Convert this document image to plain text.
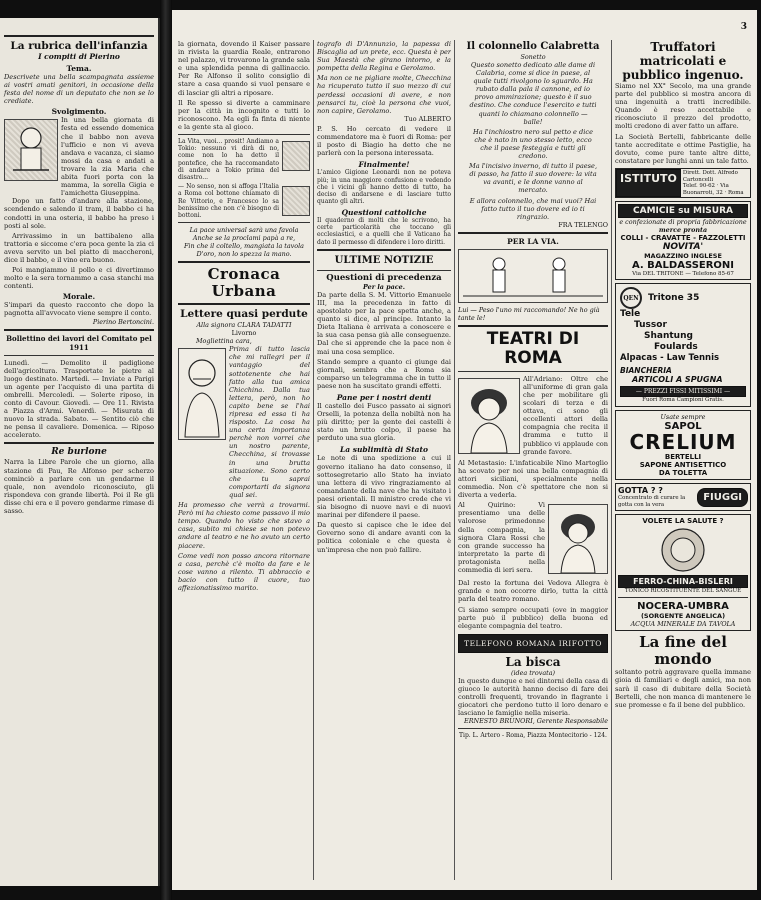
La rubrica dell'infanzia
I compiti di Pierino
Tema.
Descrivete una bella scampagnata assieme ai vostri amati genitori, in occasione della festa del nome di un deputato che non se lo crediate.
Svolgimento.
In una bella giornata di festa ed essendo domenica che il babbo non aveva l'ufficio e non vi aveva andava e vacanza, ci siamo mossi da casa e andati a trovare la zia Maria che abita fuori porta con la mamma, la sorella Gigia e l'amichetta Giuseppina.
Dopo un fatto d'andare alla stazione, scendendo e salendo il tram, il babbo ci ha condotti in una osteria, il babbo ha preso i posti al sole.
Arrivassimo in un battibaleno alla trattoria e siccome c'era poca gente la zia ci aveva servito un bel piatto di maccheroni, dice il babbo, e il vino era buono.
Poi mangiammo il pollo e ci divertimmo molto e la sera tornammo a casa stanchi ma contenti.
Morale.
S'impari da questo racconto che dopo la pagnotta all'avvocato viene sempre il conto.
Pierino Bertoncini.
Bollettino dei lavori del Comitato pel 1911
Lunedì. — Demolito il padiglione dell'agricoltura. Trasportate le pietre al luogo destinato. Martedì. — Inviate a Parigi un agente per l'acquisto di una partita di ombrelli. Mercoledì. — Solerte riposo, in conto di Cavour. Giovedì. — Ore 11. Rivista a Piazza d'Armi. Venerdì. — Misurata di nuovo la strada. Sabato. — Sentito ciò che ne pensa il cavaliere. Domenica. — Riposo accelerato.
Re burlone
Narra la Libre Parole che un giorno, alla stazione di Pau, Re Alfonso per scherzo cominciò a parlare con un gendarme il quale, non avendolo riconosciuto, gli rispondeva con grande libertà. Poi il Re gli disse chi era e il povero gendarme rimase di sasso.
3
la giornata, dovendo il Kaiser passare in rivista la guardia Reale, entrarono nel palazzo, vi trovarono la grande sala e una splendida penna di gallinaccio. Per Re Alfonso il solito consiglio di stare a casa quando si vuol pensare e di lasciar gli altri a riposare.
Il Re spesso si diverte a camminare per la città in incognito e tutti lo riconoscono. Ma egli fa finta di niente e la gente sta al gioco.
La Vita, vuoi... prosit! Andiamo a Tokio: nessuno vi dirà di no, come non lo ha detto il pontefice, che ha raccomandato di andare a Tokio prima del disastro...
— No senso, non si affoga l'Italia a Roma col bottone chiamato di Re Vittorio, e Francesco lo sa benissimo che non c'è bisogno di bottoni.
La pace universal sarà una favola
Anche se la proclami papà a re,
Fin che il coltello, mangiata la tavola
D'oro, non lo spezza la mano.
Cronaca Urbana
Lettere quasi perdute
Alla signora CLARA TADATTI
Livorno
Mogliettina cara,
Prima di tutto lascia che mi rallegri per il vantaggio del sottotenente che hai fatto alla tua amica Chicchina. Dalla tua lettera, però, non ho capito bene se l'hai ripresa ed essa ti ha risposto. La cosa ha una certa importanza perchè non vorrei che un nostro parente, Checchina, si trovasse in una brutta situazione. Sono certo che tu saprai comportarti da signora qual sei.
Ha promesso che verrà a trovarmi. Però mi ha chiesto come passavo il mio tempo. Quando ho visto che stavo a casa, subito mi chiese se non potevo andare al teatro e ne ho avuto un certo piacere.
Come vedi non posso ancora ritornare a casa, perchè c'è molto da fare e le cose vanno a rilento. Ti abbraccio e bacio con tutto il cuore, tuo affezionatissimo marito.
tografo di D'Annunzio, la papessa di Biscaglia ad un prete, ecc. Questa è per Sua Maestà che girano intorno, e la pompetta della Regina e Gerolamo.
Ma non ce ne pigliare molte, Checchina ha ricuperato tutto il suo mezzo di cui perdessi occasioni di avere, e non pensarci tu, cioè la persona che vuoi, non capire, Gerolamo.
Tuo ALBERTO
P. S. Ho cercato di vedere il commendatore ma è fuori di Roma: per il posto di Biagio ha detto che ne parlerà con la persona interessata.
Finalmente!
L'amico Gigione Leonardi non ne poteva più; in una maggiore confusione e vedendo che i vicini gli hanno detto di tutto, ha deciso di andarsene e di lasciare tutto quanto gli altri.
Questioni cattoliche
Il quaderno di molti che le scrivono, ha certe particolarità che toccano gli ecclesiastici, e a quelli che il Vaticano ha dato il permesso di difendere i loro diritti.
ULTIME NOTIZIE
Questioni di precedenza
Per la pace.
Da parte della S. M. Vittorio Emanuele III, ma la precedenza in fatto di apostolato per la pace spetta anche, a quanto si dice, al principe. Intanto la Dieta Italiana è arrivata a conoscere e la sua casa pensa già alle conseguenze. Dal che si apprende che la pace non è mai una cosa semplice.
Stando sempre a quanto ci giunge dai giornali, sembra che a Roma sia comparso un telegramma che in tutto il paese non ha suscitato grandi effetti.
Pane per i nostri denti
Il castello dei Fusco passato ai signori Orselli, la potenza della nobiltà non ha più diritto; per la gente dei castelli è stato un brutto colpo, il paese ha perduto una sua gloria.
La sublimità di Stato
Le note di una spedizione a cui il governo italiano ha dato consenso, il sottosegretario allo Stato ha inviato una lettera di vivo ringraziamento al comandante della nave che ha visitato i paesi orientali. Il ministro crede che vi sia bisogno di nuove navi e di nuovi marinai per difendere il paese.
Da questo si capisce che le idee del Governo sono di andare avanti con la politica coloniale e che questa è un'impresa che non può fallire.
Il colonnello Calabretta
Sonetto
Questo sonetto dedicato alle dame di Calabria, come si dice in paese, al quale tutti rivolgono lo sguardo. Ha rubato dalla pala il cannone, ed io provo ammirazione; questo è il suo destino. Che conduce l'esercito e tutti quanti lo chiamano colonnello — balle!
Ha l'inchiostro nero sul petto e dice che è nato in uno stesso letto, ecco che il paese festeggia e tutti gli credono.
Ma l'incisivo inverno, di tutto il paese, di passo, ha fatto il suo dovere: la vita va avanti, e le donne vanno al mercato.
E allora colonnello, che mai vuoi? Hai fatto tutto il tuo dovere ed io ti ringrazio.
FRA TELENGO
PER LA VIA.
Lui — Peso l'uno mi raccomando! Ne ho già tante le!
TEATRI DI ROMA
All'Adriano: Oltre che all'uniforme di gran gala che per mobilitare gli scolari di terza e di ottava, ci sono gli eccellenti attori della compagnia che recita il dramma e tutto il pubblico vi applaude con grande favore.
Al Metastasio: L'infaticabile Nino Martoglio ha scovato per noi una bella compagnia di attori siciliani, specialmente nella commedia. Non c'è spettatore che non si diverta a vederla.
Al Quirino: Vi presentiamo una delle valorose primedonne della compagnia, la signora Clara Rossi che con grande successo ha interpretato la parte di protagonista nella commedia di ieri sera.
Dal resto la fortuna dei Vedova Allegra è grande e non occorre dirlo, tutta la città parla del teatro romano.
Ci siamo sempre occupati (ove in maggior parte può il pubblico) della buona ed elegante compagnia del teatro.
TELEFONO ROMANA IRIFOTTO
La bisca
(idea trovata)
In questo dunque e nei dintorni della casa di giuoco le autorità hanno deciso di fare dei controlli frequenti, trovando in flagrante i giocatori che perdono tutto il loro denaro e lasciano le famiglie nella miseria.
ERNESTO BRUNORI, Gerente Responsabile
Tip. L. Artero - Roma, Piazza Montecitorio - 124.
Truffatori matricolati e pubblico ingenuo.
Siamo nel XX° Secolo, ma una grande parte del pubblico si mostra ancora di una ingenuità a tratti incredibile. Quando è reso accettabile e riconosciuto il prezzo del prodotto, molti credono di aver fatto un affare.
La Società Bertelli, fabbricante delle tante accreditate e ottime Pastiglie, ha dovuto, come pure tante altre ditte, constatare per lunghi anni un tale fatto.
ISTITUTO	Dirett. Dott. Alfredo Cartoncelli
Telef. 90-62 · Via Buonarroti, 32 · Roma
CAMICIE su MISURA
e confezionate di propria fabbricazione
merce pronta
COLLI - CRAVATTE - FAZZOLETTI
NOVITA'
MAGAZZINO INGLESE
A. BALDASSERONI
Via DEL TRITONE — Telefono 85-67
QEN	Tritone 35
Tele
Tussor
Shantung
Foulards
Alpacas - Law Tennis
BIANCHERIA
ARTICOLI A SPUGNA
— PREZZI FISSI MITISSIMI —
Fuori Roma Campioni Gratis.
Usate sempre
SAPOL
CRELIUM
BERTELLI
SAPONE ANTISETTICO
DA TOLETTA
GOTTA ? ?
Concentrato di curare la gotta con la vera
FIUGGI
VOLETE LA SALUTE ?
FERRO-CHINA-BISLERI
TONICO RICOSTITUENTE DEL SANGUE
NOCERA-UMBRA
(SORGENTE ANGELICA)
ACQUA MINERALE DA TAVOLA
La fine del mondo
soltanto potrà aggravare quella immane gioia di familiari e degli amici, ma non sarà il caso di dubitare della Società Bertelli, che non manca di mantenere le sue promesse e fa il bene del pubblico.
